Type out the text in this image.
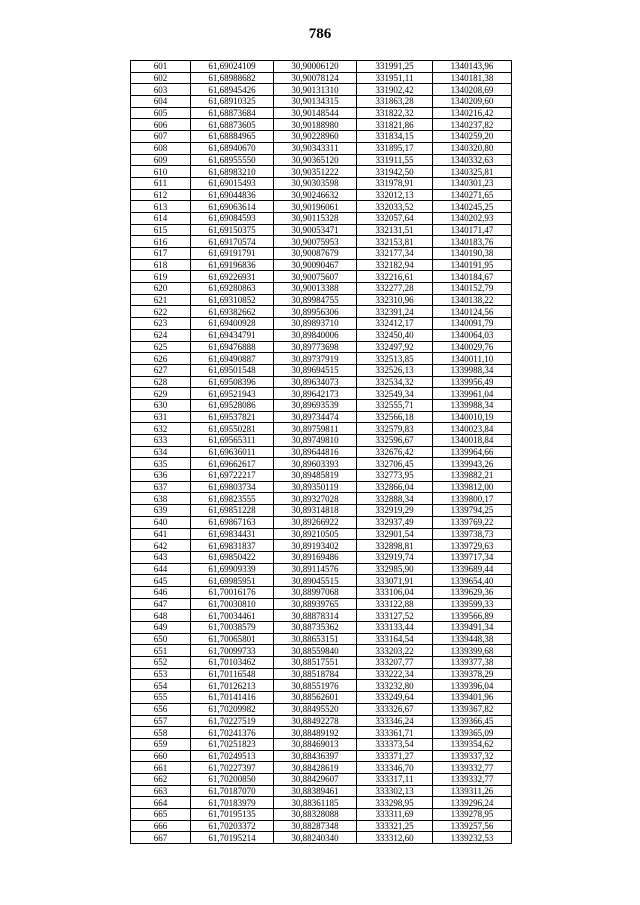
786
601	61,69024109	30,90006120	331991,25	1340143,96
602	61,68988682	30,90078124	331951,11	1340181,38
603	61,68945426	30,90131310	331902,42	1340208,69
604	61,68910325	30,90134315	331863,28	1340209,60
605	61,68873684	30,90148544	331822,32	1340216,42
606	61,68873605	30,90188980	331821,86	1340237,82
607	61,68884965	30,90228960	331834,15	1340259,20
608	61,68940670	30,90343311	331895,17	1340320,80
609	61,68955550	30,90365120	331911,55	1340332,63
610	61,68983210	30,90351222	331942,50	1340325,81
611	61,69015493	30,90303598	331978,91	1340301,23
612	61,69044836	30,90246632	332012,13	1340271,65
613	61,69063614	30,90196061	332033,52	1340245,25
614	61,69084593	30,90115328	332057,64	1340202,93
615	61,69150375	30,90053471	332131,51	1340171,47
616	61,69170574	30,90075953	332153,81	1340183,76
617	61,69191791	30,90087679	332177,34	1340190,38
618	61,69196836	30,90090467	332182,94	1340191,95
619	61,69226931	30,90075607	332216,61	1340184,67
620	61,69280863	30,90013388	332277,28	1340152,79
621	61,69310852	30,89984755	332310,96	1340138,22
622	61,69382662	30,89956306	332391,24	1340124,56
623	61,69400928	30,89893710	332412,17	1340091,79
624	61,69434791	30,89840006	332450,40	1340064,03
625	61,69476888	30,89773698	332497,92	1340029,76
626	61,69490887	30,89737919	332513,85	1340011,10
627	61,69501548	30,89694515	332526,13	1339988,34
628	61,69508396	30,89634073	332534,32	1339956,49
629	61,69521943	30,89642173	332549,34	1339961,04
630	61,69528086	30,89693539	332555,71	1339988,34
631	61,69537821	30,89734474	332566,18	1340010,19
632	61,69550281	30,89759811	332579,83	1340023,84
633	61,69565311	30,89749810	332596,67	1340018,84
634	61,69636011	30,89644816	332676,42	1339964,66
635	61,69662617	30,89603393	332706,45	1339943,26
636	61,69722217	30,89485819	332773,95	1339882,21
637	61,69803734	30,89350119	332866,04	1339812,00
638	61,69823555	30,89327028	332888,34	1339800,17
639	61,69851228	30,89314818	332919,29	1339794,25
640	61,69867163	30,89266922	332937,49	1339769,22
641	61,69834431	30,89210505	332901,54	1339738,73
642	61,69831837	30,89193402	332898,81	1339729,63
643	61,69850422	30,89169486	332919,74	1339717,34
644	61,69909339	30,89114576	332985,90	1339689,44
645	61,69985951	30,89045515	333071,91	1339654,40
646	61,70016176	30,88997068	333106,04	1339629,36
647	61,70030810	30,88939765	333122,88	1339599,33
648	61,70034461	30,88878314	333127,52	1339566,89
649	61,70038579	30,88735362	333133,44	1339491,34
650	61,70065801	30,88653151	333164,54	1339448,38
651	61,70099733	30,88559840	333203,22	1339399,68
652	61,70103462	30,88517551	333207,77	1339377,38
653	61,70116548	30,88518784	333222,34	1339378,29
654	61,70126213	30,88551976	333232,80	1339396,04
655	61,70141416	30,88562601	333249,64	1339401,96
656	61,70209982	30,88495520	333326,67	1339367,82
657	61,70227519	30,88492278	333346,24	1339366,45
658	61,70241376	30,88489192	333361,71	1339365,09
659	61,70251823	30,88469013	333373,54	1339354,62
660	61,70249513	30,88436397	333371,27	1339337,32
661	61,70227397	30,88428619	333346,70	1339332,77
662	61,70200850	30,88429607	333317,11	1339332,77
663	61,70187070	30,88389461	333302,13	1339311,26
664	61,70183979	30,88361185	333298,95	1339296,24
665	61,70195135	30,88328088	333311,69	1339278,95
666	61,70203372	30,88287348	333321,25	1339257,56
667	61,70195214	30,88240340	333312,60	1339232,53
